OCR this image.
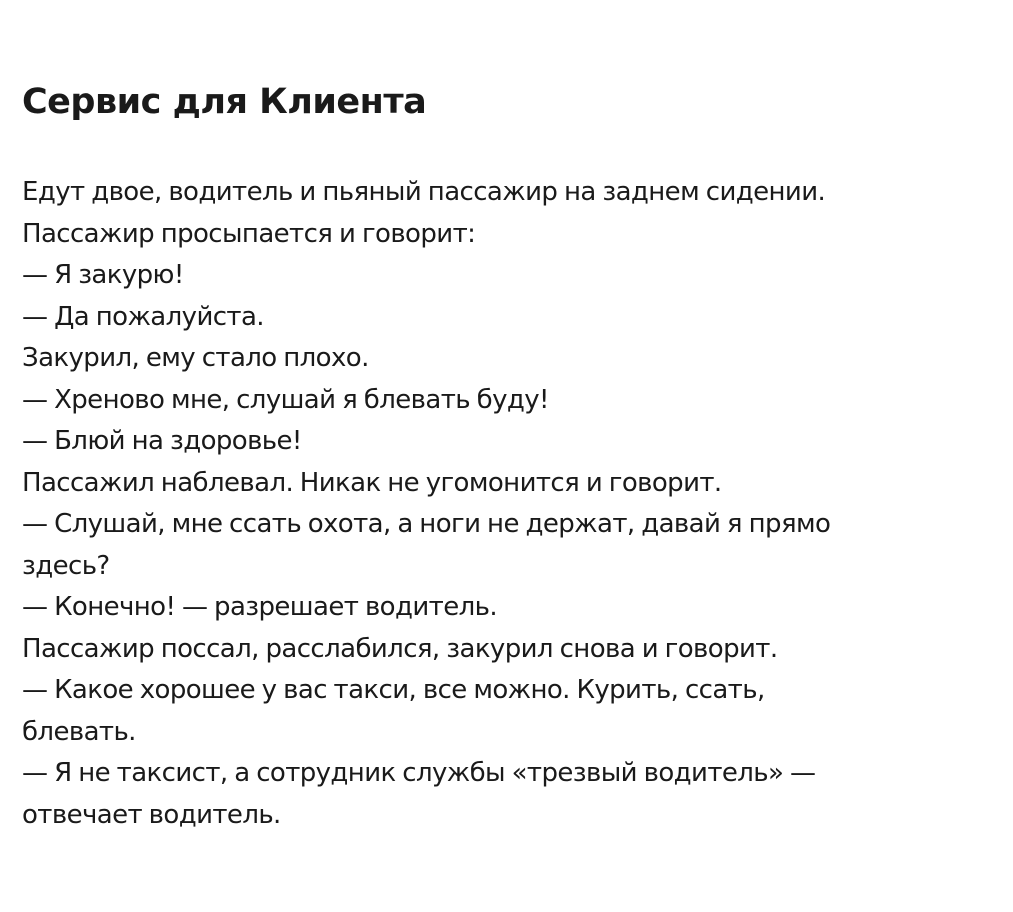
Сервис для Клиента
Едут двое, водитель и пьяный пассажир на заднем сидении.
Пассажир просыпается и говорит:
— Я закурю!
— Да пожалуйста.
Закурил, ему стало плохо.
— Хреново мне, слушай я блевать буду!
— Блюй на здоровье!
Пассажил наблевал. Никак не угомонится и говорит.
— Слушай, мне ссать охота, а ноги не держат, давай я прямо
здесь?
— Конечно! — разрешает водитель.
Пассажир поссал, расслабился, закурил снова и говорит.
— Какое хорошее у вас такси, все можно. Курить, ссать,
блевать.
— Я не таксист, а сотрудник службы «трезвый водитель» —
отвечает водитель.
